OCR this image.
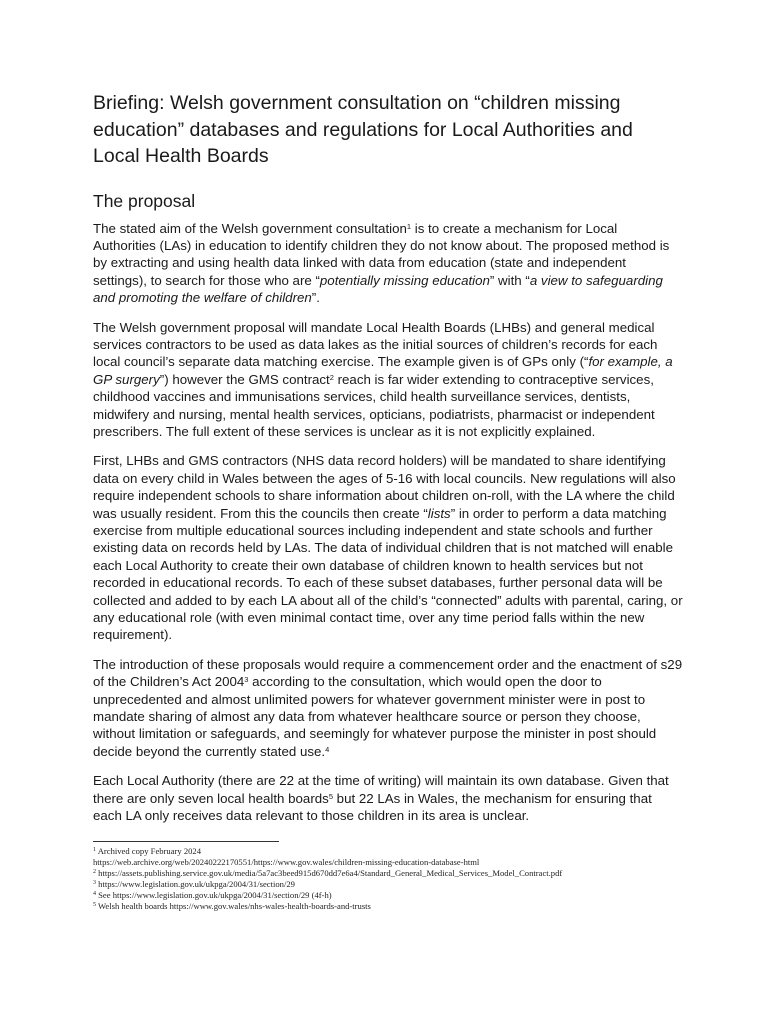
Briefing: Welsh government consultation on “children missing education” databases and regulations for Local Authorities and Local Health Boards
The proposal

The stated aim of the Welsh government consultation$^1$ is to create a mechanism for Local Authorities (LAs) in education to identify children they do not know about. The proposed method is by extracting and using health data linked with data from education (state and independent settings), to search for those who are “potentially missing education” with “a view to safeguarding and promoting the welfare of children”.

The Welsh government proposal will mandate Local Health Boards (LHBs) and general medical services contractors to be used as data lakes as the initial sources of children’s records for each local council’s separate data matching exercise. The example given is of GPs only (“for example, a GP surgery”) however the GMS contract$^2$ reach is far wider extending to contraceptive services, childhood vaccines and immunisations services, child health surveillance services, dentists, midwifery and nursing, mental health services, opticians, podiatrists, pharmacist or independent prescribers. The full extent of these services is unclear as it is not explicitly explained.

First, LHBs and GMS contractors (NHS data record holders) will be mandated to share identifying data on every child in Wales between the ages of 5-16 with local councils. New regulations will also require independent schools to share information about children on-roll, with the LA where the child was usually resident. From this the councils then create “lists” in order to perform a data matching exercise from multiple educational sources including independent and state schools and further existing data on records held by LAs. The data of individual children that is not matched will enable each Local Authority to create their own database of children known to health services but not recorded in educational records. To each of these subset databases, further personal data will be collected and added to by each LA about all of the child’s “connected” adults with parental, caring, or any educational role (with even minimal contact time, over any time period falls within the new requirement).

The introduction of these proposals would require a commencement order and the enactment of s29 of the Children’s Act 2004$^3$ according to the consultation, which would open the door to unprecedented and almost unlimited powers for whatever government minister were in post to mandate sharing of almost any data from whatever healthcare source or person they choose, without limitation or safeguards, and seemingly for whatever purpose the minister in post should decide beyond the currently stated use.$^4$

Each Local Authority (there are 22 at the time of writing) will maintain its own database. Given that there are only seven local health boards$^5$ but 22 LAs in Wales, the mechanism for ensuring that each LA only receives data relevant to those children in its area is unclear.

$^1$ Archived copy February 2024

https://web.archive.org/web/20240222170551/https://www.gov.wales/children-missing-education-database-html

$^2$ https://assets.publishing.service.gov.uk/media/5a7ac3beed915d670dd7e6a4/Standard_General_Medical_Services_Model_Contract.pdf

$^3$ https://www.legislation.gov.uk/ukpga/2004/31/section/29

$^4$ See https://www.legislation.gov.uk/ukpga/2004/31/section/29 (4f-h)

$^5$ Welsh health boards https://www.gov.wales/nhs-wales-health-boards-and-trusts
